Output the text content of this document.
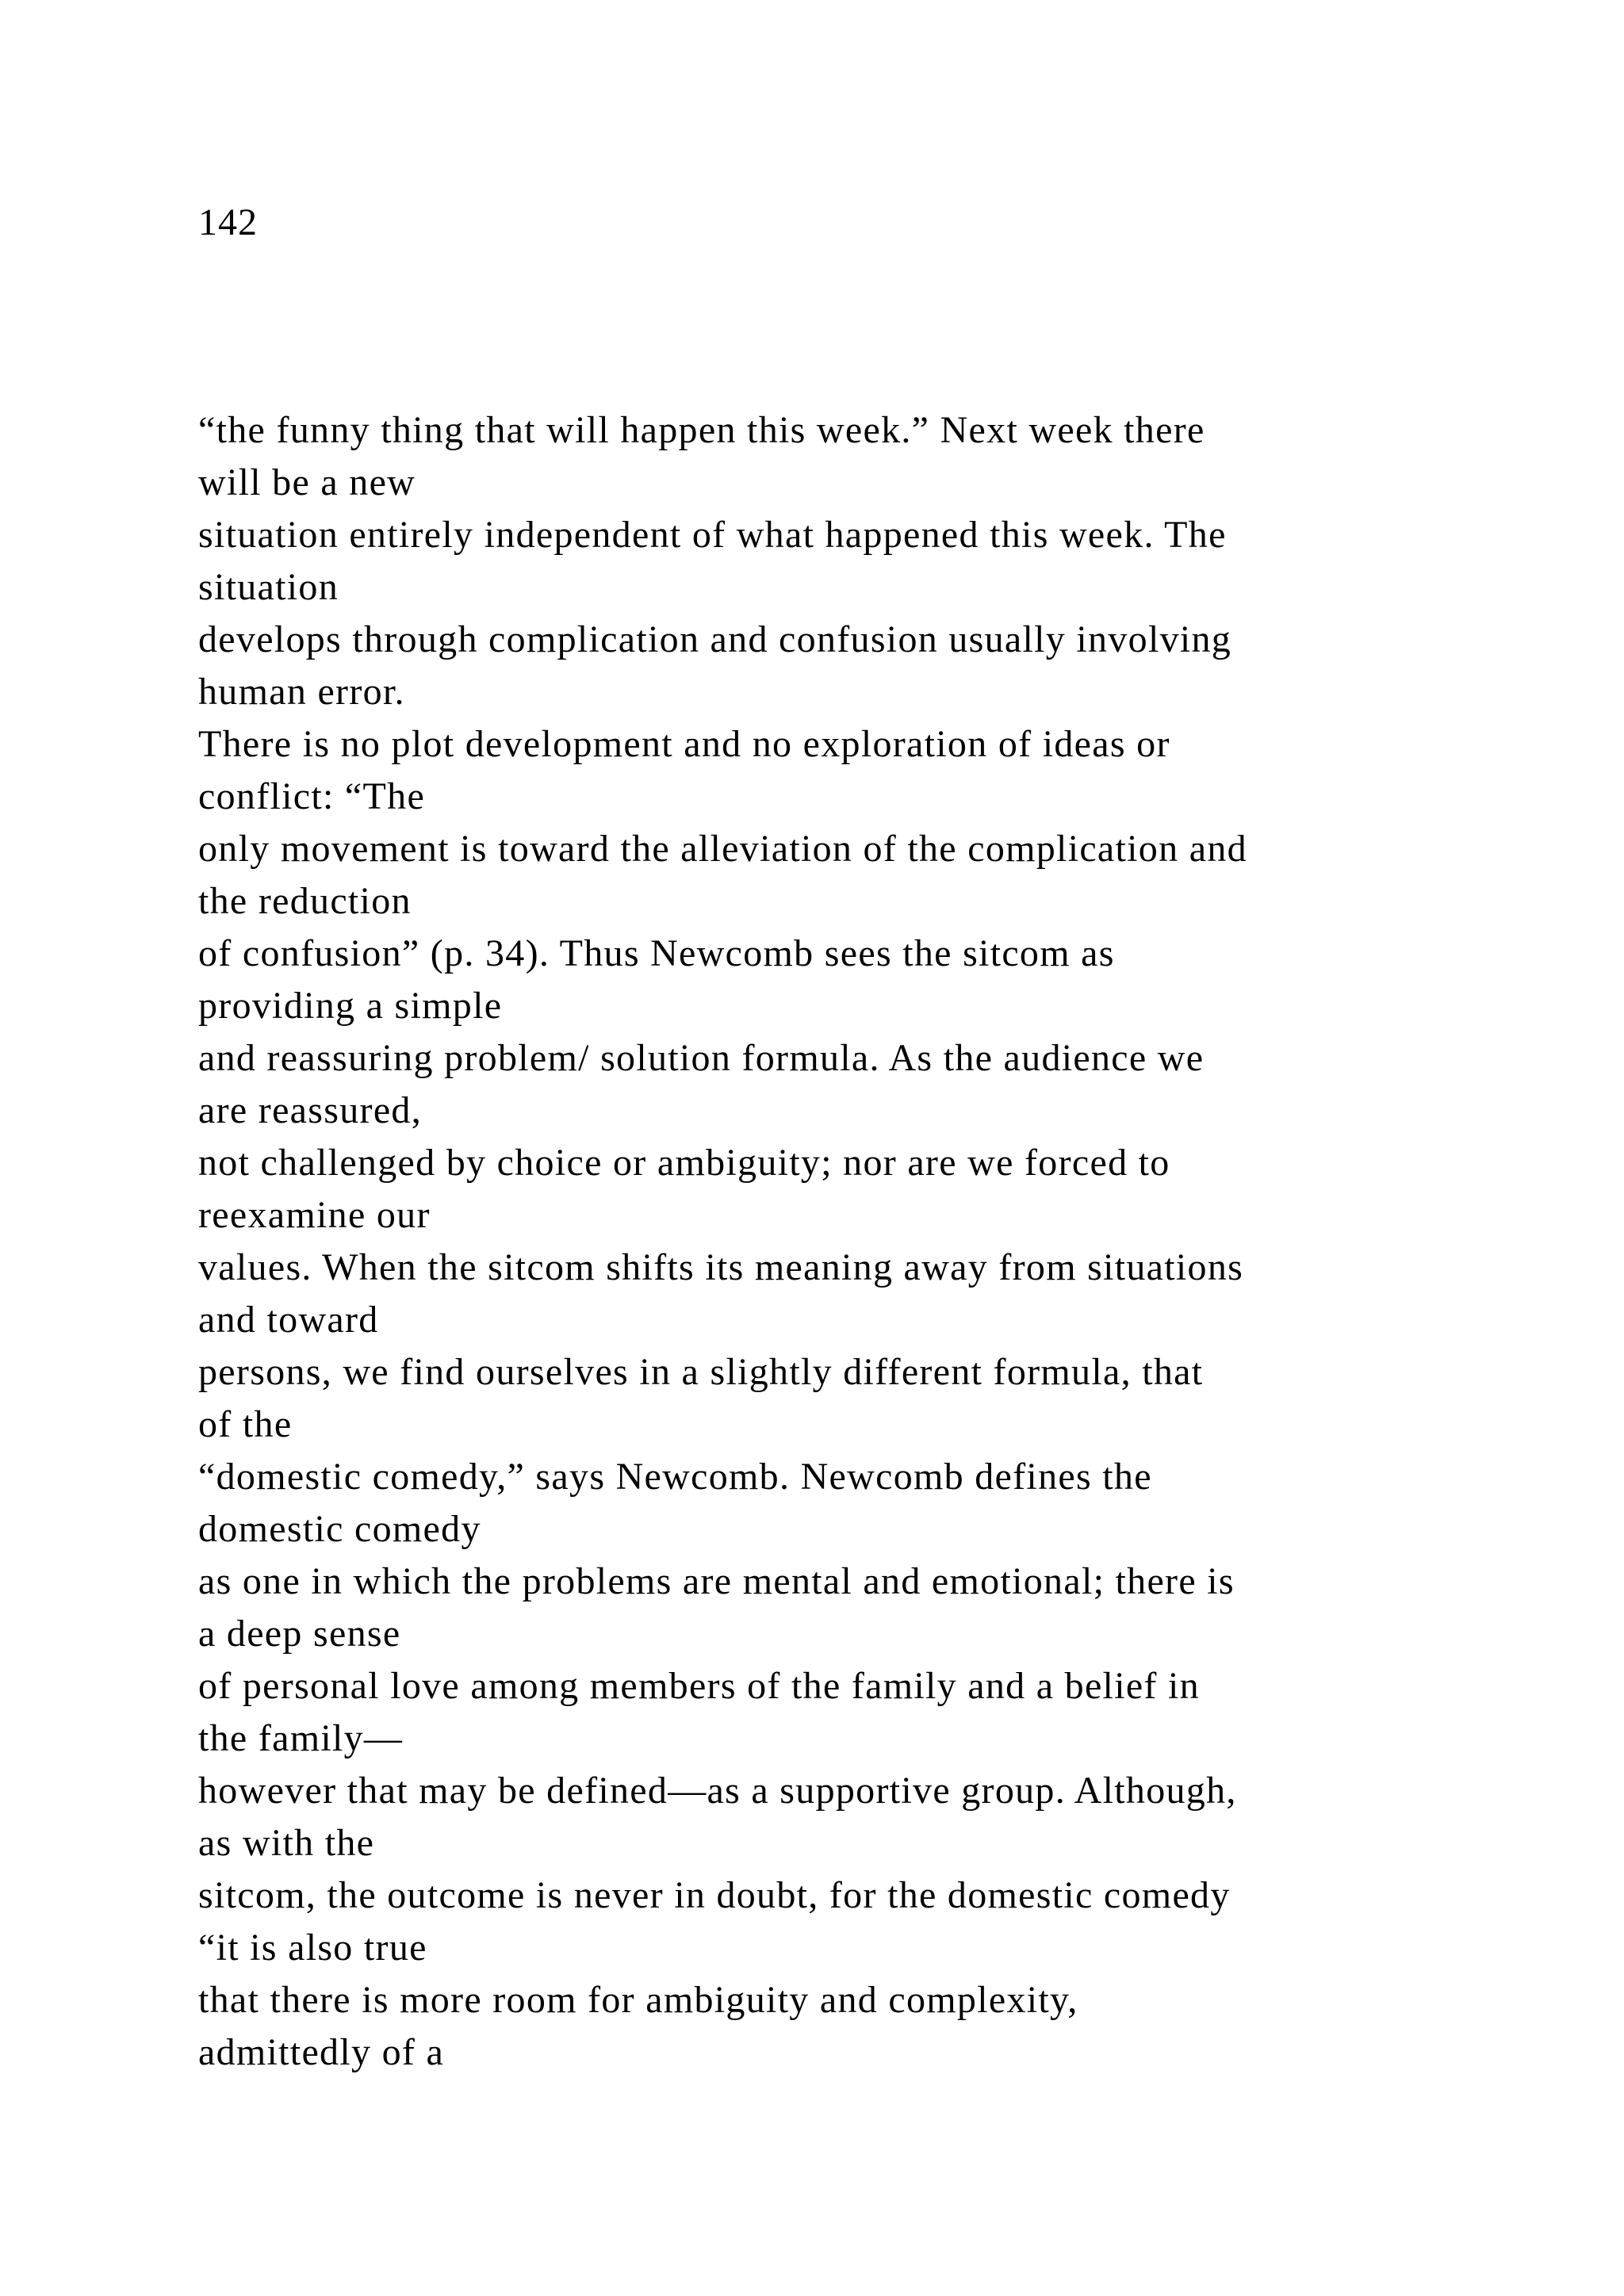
142

“the funny thing that will happen this week.” Next week there
will be a new
situation entirely independent of what happened this week. The
situation
develops through complication and confusion usually involving
human error.
There is no plot development and no exploration of ideas or
conflict: “The
only movement is toward the alleviation of the complication and
the reduction
of confusion” (p. 34). Thus Newcomb sees the sitcom as
providing a simple
and reassuring problem/ solution formula. As the audience we
are reassured,
not challenged by choice or ambiguity; nor are we forced to
reexamine our
values. When the sitcom shifts its meaning away from situations
and toward
persons, we find ourselves in a slightly different formula, that
of the
“domestic comedy,” says Newcomb. Newcomb defines the
domestic comedy
as one in which the problems are mental and emotional; there is
a deep sense
of personal love among members of the family and a belief in
the family—
however that may be defined—as a supportive group. Although,
as with the
sitcom, the outcome is never in doubt, for the domestic comedy
“it is also true
that there is more room for ambiguity and complexity,
admittedly of a
